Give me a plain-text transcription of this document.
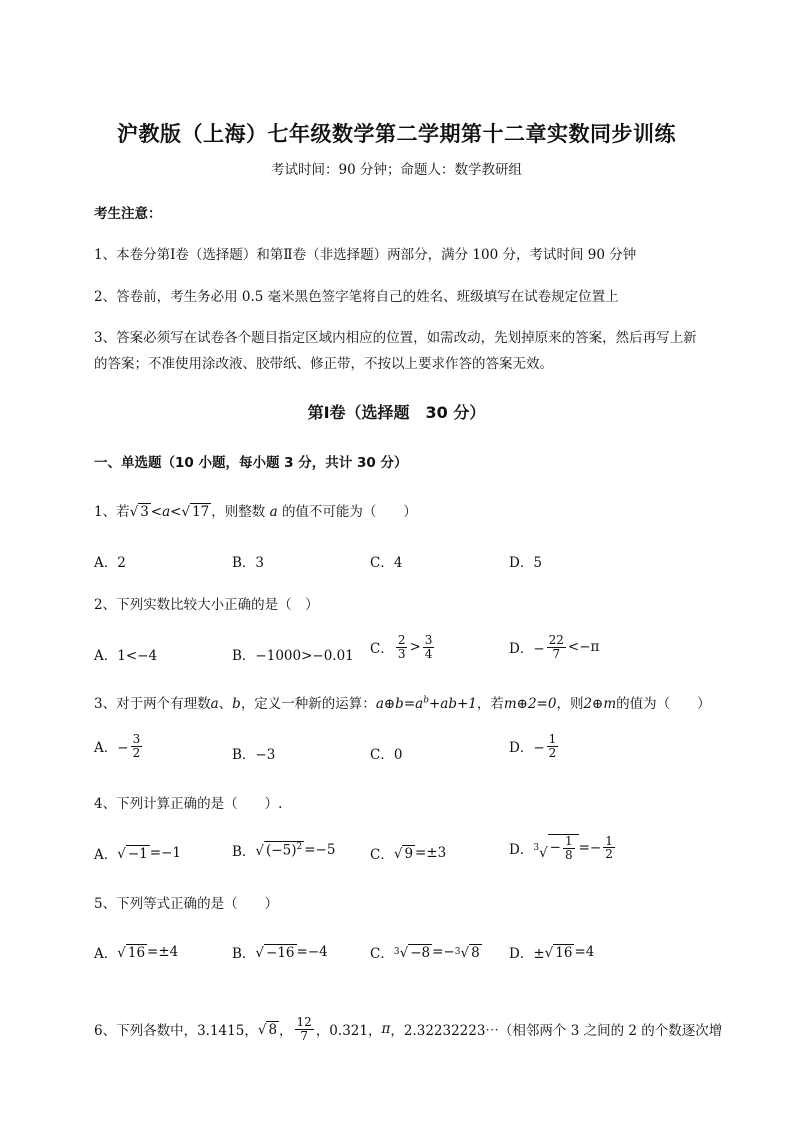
沪教版（上海）七年级数学第二学期第十二章实数同步训练
考试时间：90 分钟；命题人：数学教研组
考生注意：
1、本卷分第Ⅰ卷（选择题）和第Ⅱ卷（非选择题）两部分，满分 100 分，考试时间 90 分钟
2、答卷前，考生务必用 0.5 毫米黑色签字笔将自己的姓名、班级填写在试卷规定位置上
3、答案必须写在试卷各个题目指定区域内相应的位置，如需改动，先划掉原来的答案，然后再写上新
的答案；不准使用涂改液、胶带纸、修正带，不按以上要求作答的答案无效。
第Ⅰ卷（选择题　30 分）
一、单选题（10 小题，每小题 3 分，共计 30 分）
1、若√ 3 <a<√ 17 ，则整数 a 的值不可能为（　　）
A．2	B．3	C．4	D．5
2、下列实数比较大小正确的是（　）
A．1<−4	B．−1000>−0.01 C． $\frac{2}{3} > \frac{3}{4}$	D．− $\frac{22}{7} <-\pi$
3、对于两个有理数a、b，定义一种新的运算：$a\oplus b=a^b+ab+1$，若m⊕2=0，则2⊕m的值为（　　）
A．− $\frac{3}{2}$	B．−3	C．0	D．− $\frac{1}{2}$
4、下列计算正确的是（　　）.
A． √ −1 =−1	B． √ $(-5)^2 =-5$	C． √ 9 =±3	D． 3 √ − $\frac{1}{8} =- \frac{1}{2}$
5、下列等式正确的是（　　）
A． √ 16 =±4	B． √ −16 =−4	C． 3 √ −8 =− 3 √ 8 D．± √ 16 =4
6、下列各数中，3.1415， √ 8 ， $\frac{12}{7}$ ，0.321， π ，2.32232223⋯（相邻两个 3 之间的 2 的个数逐次增
